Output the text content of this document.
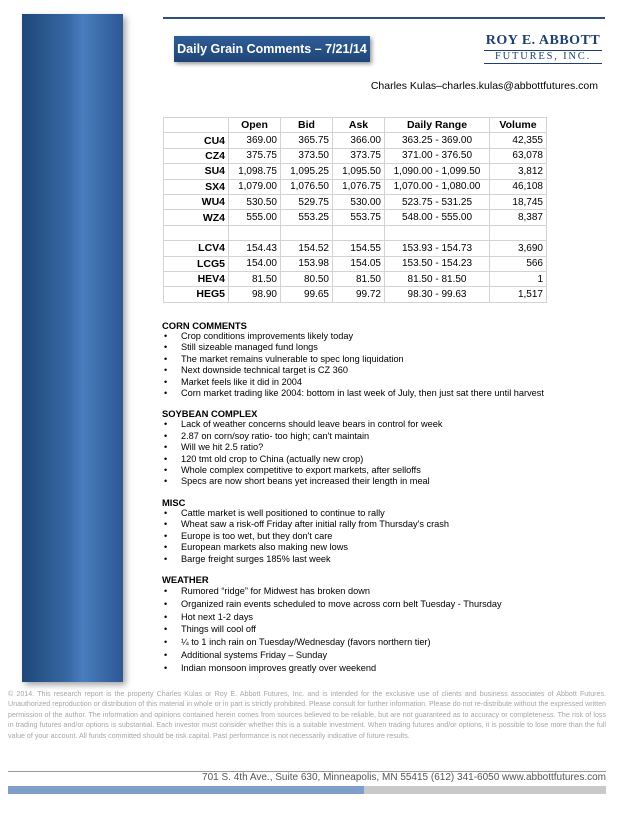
Daily Grain Comments – 7/21/14
ROY E. ABBOTT
FUTURES, INC.
Charles Kulas–charles.kulas@abbottfutures.com
	Open	Bid	Ask	Daily Range	Volume
CU4	369.00	365.75	366.00	363.25 - 369.00	42,355
CZ4	375.75	373.50	373.75	371.00 - 376.50	63,078
SU4	1,098.75	1,095.25	1,095.50	1,090.00 - 1,099.50	3,812
SX4	1,079.00	1,076.50	1,076.75	1,070.00 - 1,080.00	46,108
WU4	530.50	529.75	530.00	523.75 - 531.25	18,745
WZ4	555.00	553.25	553.75	548.00 - 555.00	8,387

LCV4	154.43	154.52	154.55	153.93 - 154.73	3,690
LCG5	154.00	153.98	154.05	153.50 - 154.23	566
HEV4	81.50	80.50	81.50	81.50 - 81.50	1
HEG5	98.90	99.65	99.72	98.30 - 99.63	1,517
CORN COMMENTS
• Crop conditions improvements likely today
• Still sizeable managed fund longs
• The market remains vulnerable to spec long liquidation
• Next downside technical target is CZ 360
• Market feels like it did in 2004
• Corn market trading like 2004: bottom in last week of July, then just sat there until harvest
SOYBEAN COMPLEX
• Lack of weather concerns should leave bears in control for week
• 2.87 on corn/soy ratio- too high; can't maintain
• Will we hit 2.5 ratio?
• 120 tmt old crop to China (actually new crop)
• Whole complex competitive to export markets, after selloffs
• Specs are now short beans yet increased their length in meal
MISC
• Cattle market is well positioned to continue to rally
• Wheat saw a risk-off Friday after initial rally from Thursday's crash
• Europe is too wet, but they don't care
• European markets also making new lows
• Barge freight surges 185% last week
WEATHER
• Rumored “ridge” for Midwest has broken down
• Organized rain events scheduled to move across corn belt Tuesday - Thursday
• Hot next 1-2 days
• Things will cool off
• ¼ to 1 inch rain on Tuesday/Wednesday (favors northern tier)
• Additional systems Friday – Sunday
• Indian monsoon improves greatly over weekend
© 2014. This research report is the property Charles Kulas or Roy E. Abbott Futures, Inc. and is intended for the exclusive use of clients and business associates of Abbott Futures. Unauthorized reproduction or distribution of this material in whole or in part is strictly prohibited. Please consult for further information. Please do not re-distribute without the expressed written permission of the author. The information and opinions contained herein comes from sources believed to be reliable, but are not guaranteed as to accuracy or completeness. The risk of loss in trading futures and/or options is substantial. Each investor must consider whether this is a suitable investment. When trading futures and/or options, it is possible to lose more than the full value of your account. All funds committed should be risk capital. Past performance is not necessarily indicative of future results.
701 S. 4th Ave., Suite 630, Minneapolis, MN 55415 (612) 341-6050 www.abbottfutures.com
